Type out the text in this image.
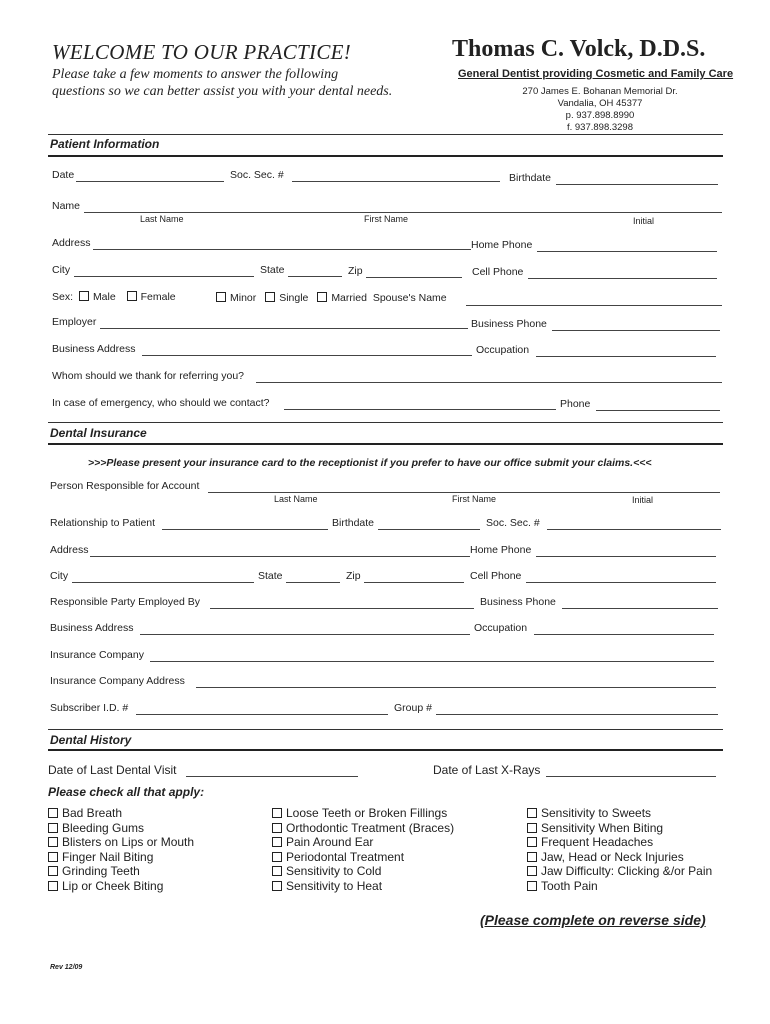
WELCOME TO OUR PRACTICE!
Please take a few moments to answer the following
questions so we can better assist you with your dental needs.
Thomas C. Volck, D.D.S.
General Dentist providing Cosmetic and Family Care
270 James E. Bohanan Memorial Dr.
Vandalia, OH 45377
p. 937.898.8990
f. 937.898.3298
Patient Information
Date	Soc. Sec. #	Birthdate
Name
Last Name	First Name	Initial
Address	Home Phone
City	State	Zip	Cell Phone
Sex: Male Female	Minor Single Married Spouse's Name
Employer	Business Phone
Business Address	Occupation
Whom should we thank for referring you?
In case of emergency, who should we contact?	Phone
Dental Insurance
>>>Please present your insurance card to the receptionist if you prefer to have our office submit your claims.<<<
Person Responsible for Account
Last Name	First Name	Initial
Relationship to Patient	Birthdate	Soc. Sec. #
Address	Home Phone
City	State	Zip	Cell Phone
Responsible Party Employed By	Business Phone
Business Address	Occupation
Insurance Company
Insurance Company Address
Subscriber I.D. #	Group #
Dental History
Date of Last Dental Visit	Date of Last X-Rays
Please check all that apply:
Bad Breath
Bleeding Gums
Blisters on Lips or Mouth
Finger Nail Biting
Grinding Teeth
Lip or Cheek Biting
Loose Teeth or Broken Fillings
Orthodontic Treatment (Braces)
Pain Around Ear
Periodontal Treatment
Sensitivity to Cold
Sensitivity to Heat
Sensitivity to Sweets
Sensitivity When Biting
Frequent Headaches
Jaw, Head or Neck Injuries
Jaw Difficulty: Clicking &/or Pain
Tooth Pain
(Please complete on reverse side)
Rev 12/09
